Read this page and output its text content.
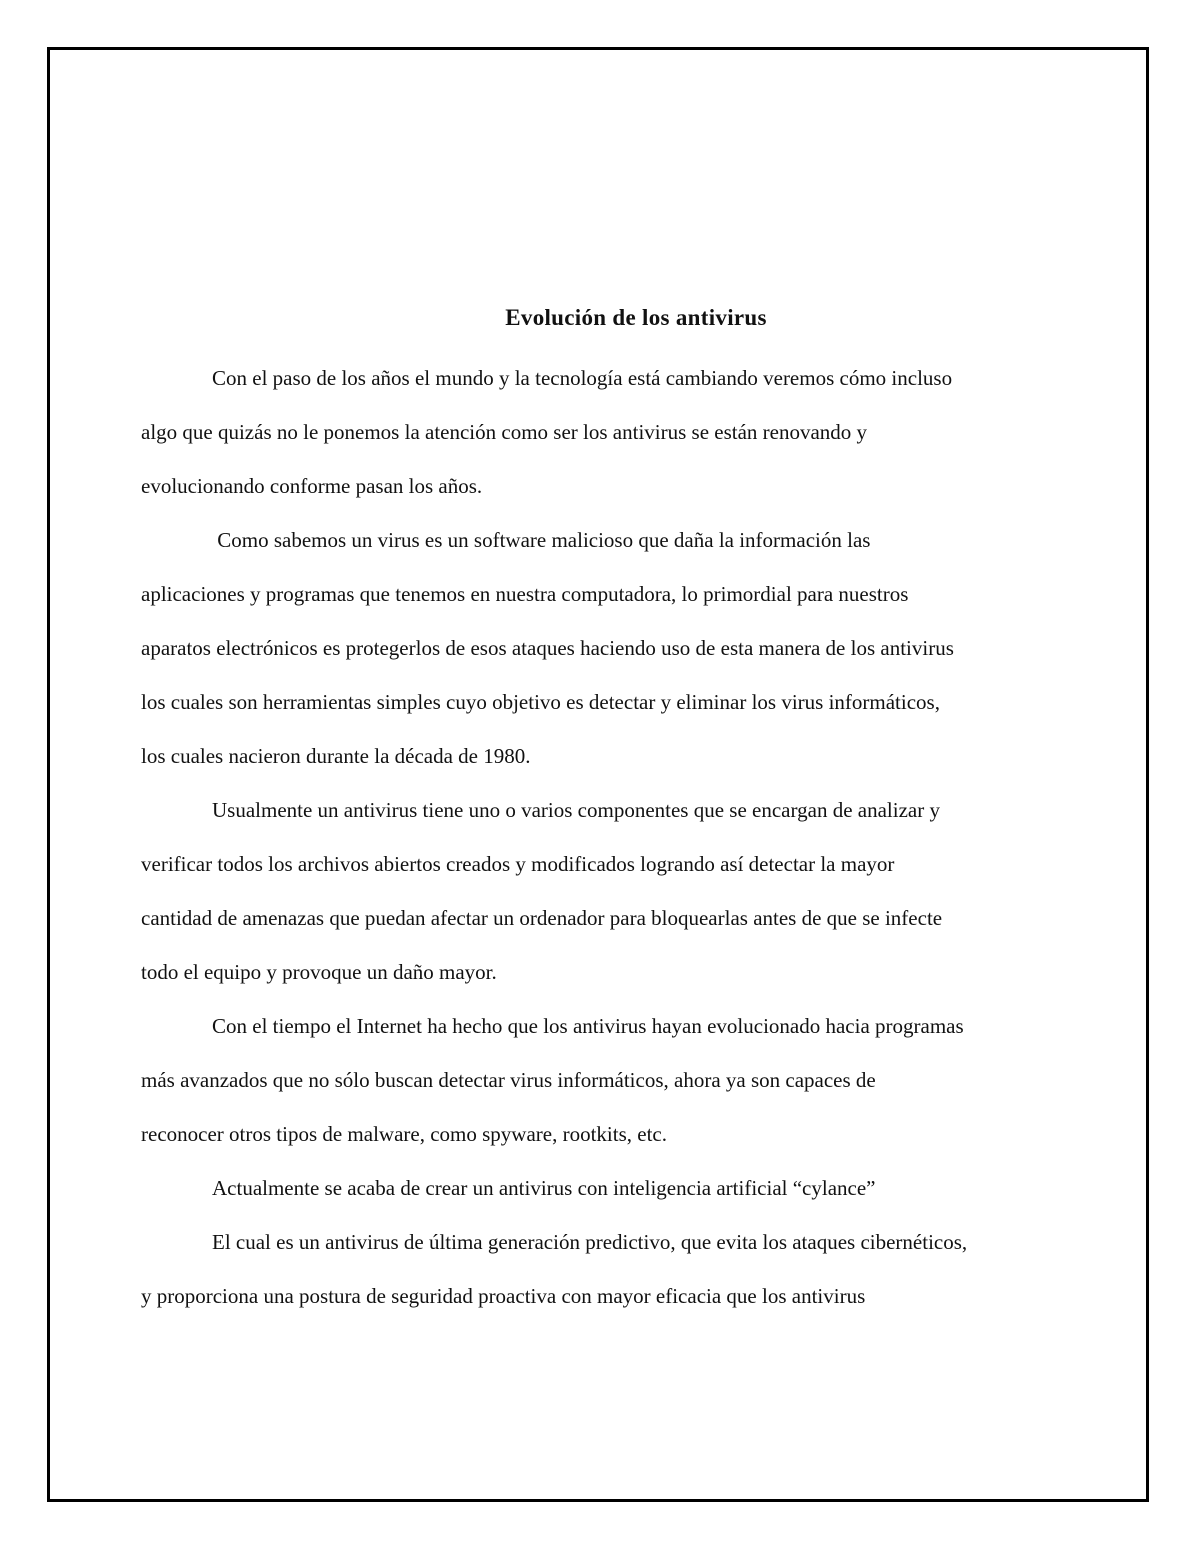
Evolución de los antivirus
Con el paso de los años el mundo y la tecnología está cambiando veremos cómo incluso
algo que quizás no le ponemos la atención como ser los antivirus se están renovando y
evolucionando conforme pasan los años.
Como sabemos un virus es un software malicioso que daña la información las
aplicaciones y programas que tenemos en nuestra computadora, lo primordial para nuestros
aparatos electrónicos es protegerlos de esos ataques haciendo uso de esta manera de los antivirus
los cuales son herramientas simples cuyo objetivo es detectar y eliminar los virus informáticos,
los cuales nacieron durante la década de 1980.
Usualmente un antivirus tiene uno o varios componentes que se encargan de analizar y
verificar todos los archivos abiertos creados y modificados logrando así detectar la mayor
cantidad de amenazas que puedan afectar un ordenador para bloquearlas antes de que se infecte
todo el equipo y provoque un daño mayor.
Con el tiempo el Internet ha hecho que los antivirus hayan evolucionado hacia programas
más avanzados que no sólo buscan detectar virus informáticos, ahora ya son capaces de
reconocer otros tipos de malware, como spyware, rootkits, etc.
Actualmente se acaba de crear un antivirus con inteligencia artificial “cylance”
El cual es un antivirus de última generación predictivo, que evita los ataques cibernéticos,
y proporciona una postura de seguridad proactiva con mayor eficacia que los antivirus
